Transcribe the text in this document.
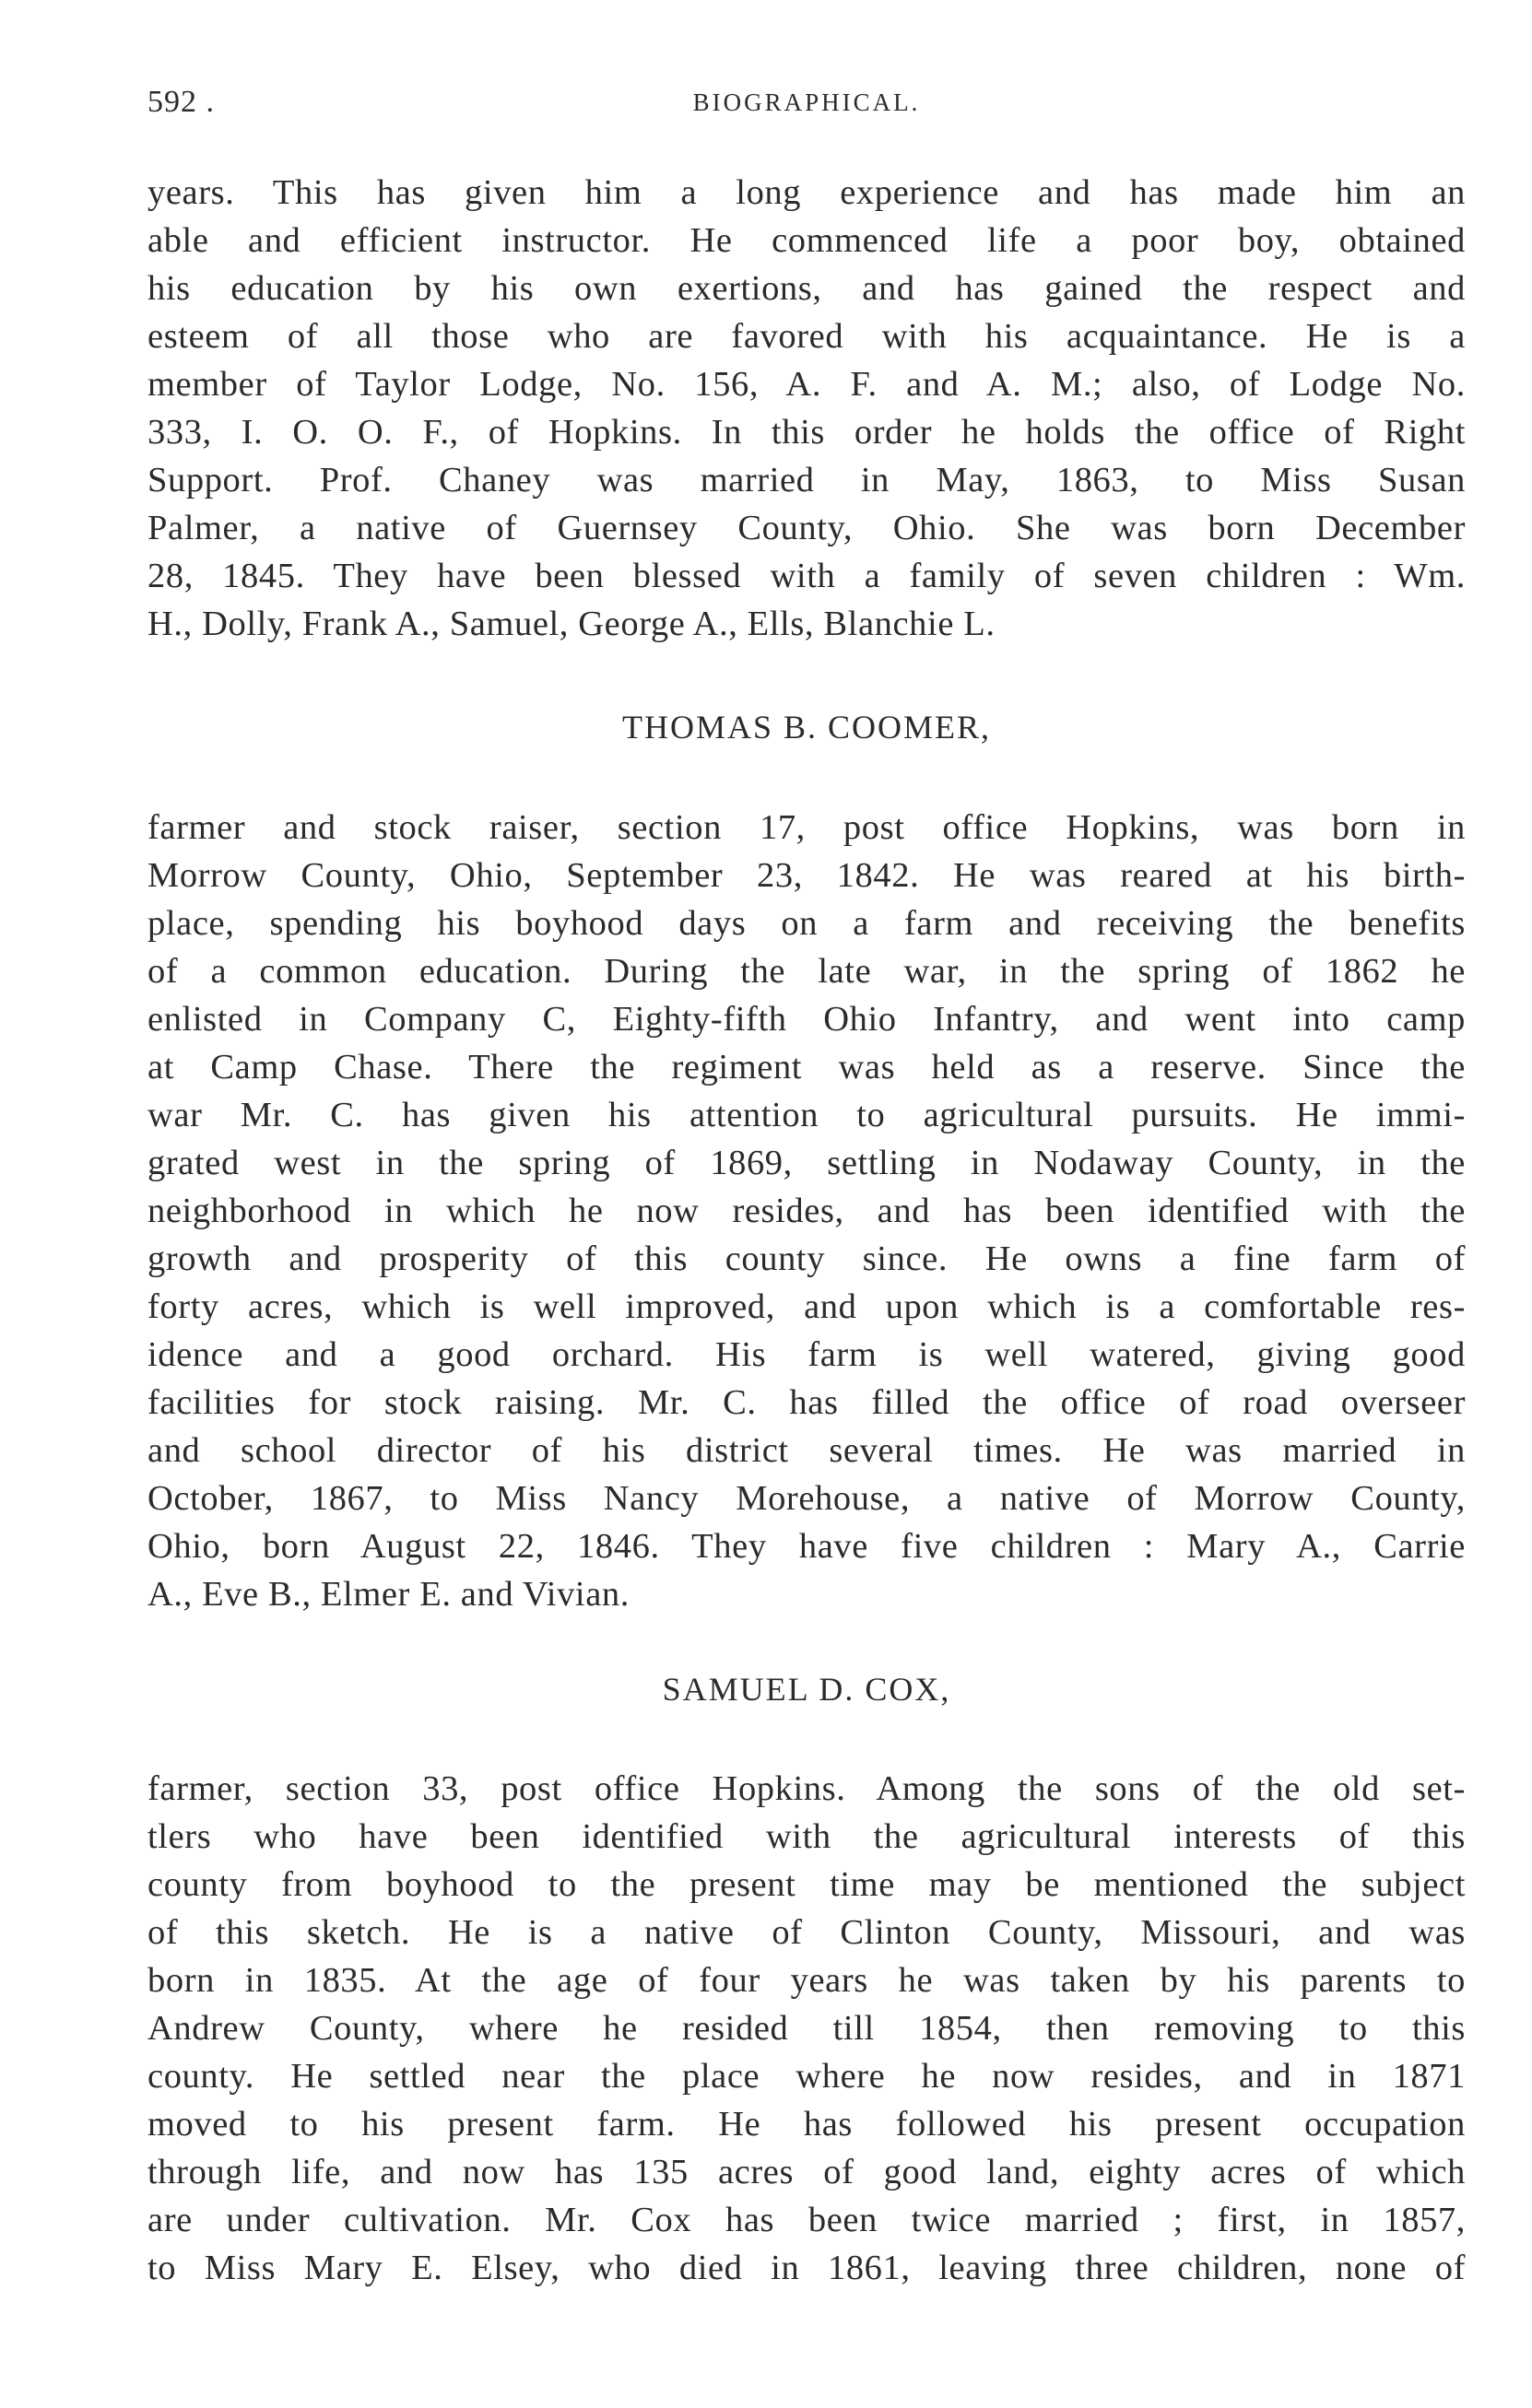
592 .	BIOGRAPHICAL.
years. This has given him a long experience and has made him an
able and efficient instructor. He commenced life a poor boy, obtained
his education by his own exertions, and has gained the respect and
esteem of all those who are favored with his acquaintance. He is a
member of Taylor Lodge, No. 156, A. F. and A. M.; also, of Lodge No.
333, I. O. O. F., of Hopkins. In this order he holds the office of Right
Support. Prof. Chaney was married in May, 1863, to Miss Susan
Palmer, a native of Guernsey County, Ohio. She was born December
28, 1845. They have been blessed with a family of seven children : Wm.
H., Dolly, Frank A., Samuel, George A., Ells, Blanchie L.
THOMAS B. COOMER,
farmer and stock raiser, section 17, post office Hopkins, was born in
Morrow County, Ohio, September 23, 1842. He was reared at his birth-
place, spending his boyhood days on a farm and receiving the benefits
of a common education. During the late war, in the spring of 1862 he
enlisted in Company C, Eighty-fifth Ohio Infantry, and went into camp
at Camp Chase. There the regiment was held as a reserve. Since the
war Mr. C. has given his attention to agricultural pursuits. He immi-
grated west in the spring of 1869, settling in Nodaway County, in the
neighborhood in which he now resides, and has been identified with the
growth and prosperity of this county since. He owns a fine farm of
forty acres, which is well improved, and upon which is a comfortable res-
idence and a good orchard. His farm is well watered, giving good
facilities for stock raising. Mr. C. has filled the office of road overseer
and school director of his district several times. He was married in
October, 1867, to Miss Nancy Morehouse, a native of Morrow County,
Ohio, born August 22, 1846. They have five children : Mary A., Carrie
A., Eve B., Elmer E. and Vivian.
SAMUEL D. COX,
farmer, section 33, post office Hopkins. Among the sons of the old set-
tlers who have been identified with the agricultural interests of this
county from boyhood to the present time may be mentioned the subject
of this sketch. He is a native of Clinton County, Missouri, and was
born in 1835. At the age of four years he was taken by his parents to
Andrew County, where he resided till 1854, then removing to this
county. He settled near the place where he now resides, and in 1871
moved to his present farm. He has followed his present occupation
through life, and now has 135 acres of good land, eighty acres of which
are under cultivation. Mr. Cox has been twice married ; first, in 1857,
to Miss Mary E. Elsey, who died in 1861, leaving three children, none of
